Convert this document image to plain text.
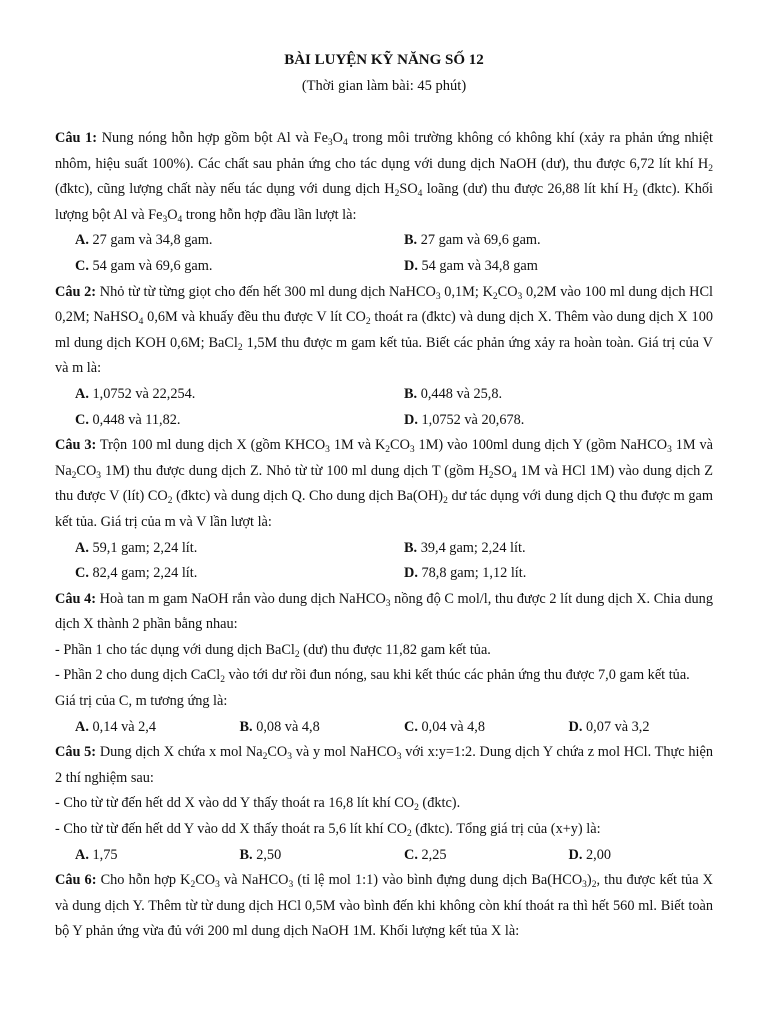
BÀI LUYỆN KỸ NĂNG SỐ 12
(Thời gian làm bài: 45 phút)

Câu 1: Nung nóng hỗn hợp gồm bột Al và $Fe_3O_4$ trong môi trường không có không khí (xảy ra phản ứng nhiệt nhôm, hiệu suất 100%). Các chất sau phản ứng cho tác dụng với dung dịch NaOH (dư), thu được 6,72 lít khí $H_2$ (đktc), cũng lượng chất này nếu tác dụng với dung dịch $H_2SO_4$ loãng (dư) thu được 26,88 lít khí $H_2$ (đktc). Khối lượng bột Al và $Fe_3O_4$ trong hỗn hợp đầu lần lượt là:

A. 27 gam và 34,8 gam.	B. 27 gam và 69,6 gam.
C. 54 gam và 69,6 gam.	D. 54 gam và 34,8 gam

Câu 2: Nhỏ từ từ từng giọt cho đến hết 300 ml dung dịch NaHCO$_3$ 0,1M; $K_2CO_3$ 0,2M vào 100 ml dung dịch HCl 0,2M; NaHSO$_4$ 0,6M và khuấy đều thu được V lít $CO_2$ thoát ra (đktc) và dung dịch X. Thêm vào dung dịch X 100 ml dung dịch KOH 0,6M; BaCl$_2$ 1,5M thu được m gam kết tủa. Biết các phản ứng xảy ra hoàn toàn. Giá trị của V và m là:

A. 1,0752 và 22,254.	B. 0,448 và 25,8.
C. 0,448 và 11,82.	D. 1,0752 và 20,678.

Câu 3: Trộn 100 ml dung dịch X (gồm $KHCO_3$ 1M và $K_2CO_3$ 1M) vào 100ml dung dịch Y (gồm NaHCO$_3$ 1M và $Na_2CO_3$ 1M) thu được dung dịch Z. Nhỏ từ từ 100 ml dung dịch T (gồm $H_2SO_4$ 1M và HCl 1M) vào dung dịch Z thu được V (lít) $CO_2$ (đktc) và dung dịch Q. Cho dung dịch $Ba(OH)_2$ dư tác dụng với dung dịch Q thu được m gam kết tủa. Giá trị của m và V lần lượt là:

A. 59,1 gam; 2,24 lít.	B. 39,4 gam; 2,24 lít.
C. 82,4 gam; 2,24 lít.	D. 78,8 gam; 1,12 lít.

Câu 4: Hoà tan m gam NaOH rắn vào dung dịch NaHCO$_3$ nồng độ C mol/l, thu được 2 lít dung dịch X. Chia dung dịch X thành 2 phần bằng nhau:

- Phần 1 cho tác dụng với dung dịch BaCl$_2$ (dư) thu được 11,82 gam kết tủa.

- Phần 2 cho dung dịch CaCl$_2$ vào tới dư rồi đun nóng, sau khi kết thúc các phản ứng thu được 7,0 gam kết tủa.

Giá trị của C, m tương ứng là:

A. 0,14 và 2,4	B. 0,08 và 4,8	C. 0,04 và 4,8	D. 0,07 và 3,2

Câu 5: Dung dịch X chứa x mol $Na_2CO_3$ và y mol NaHCO$_3$ với x:y=1:2. Dung dịch Y chứa z mol HCl. Thực hiện 2 thí nghiệm sau:

- Cho từ từ đến hết dd X vào dd Y thấy thoát ra 16,8 lít khí $CO_2$ (đktc).

- Cho từ từ đến hết dd Y vào dd X thấy thoát ra 5,6 lít khí $CO_2$ (đktc). Tổng giá trị của (x+y) là:

A. 1,75	B. 2,50	C. 2,25	D. 2,00

Câu 6: Cho hỗn hợp $K_2CO_3$ và NaHCO$_3$ (tỉ lệ mol 1:1) vào bình đựng dung dịch $Ba(HCO_3)_2$, thu được kết tủa X và dung dịch Y. Thêm từ từ dung dịch HCl 0,5M vào bình đến khi không còn khí thoát ra thì hết 560 ml. Biết toàn bộ Y phản ứng vừa đủ với 200 ml dung dịch NaOH 1M. Khối lượng kết tủa X là:
